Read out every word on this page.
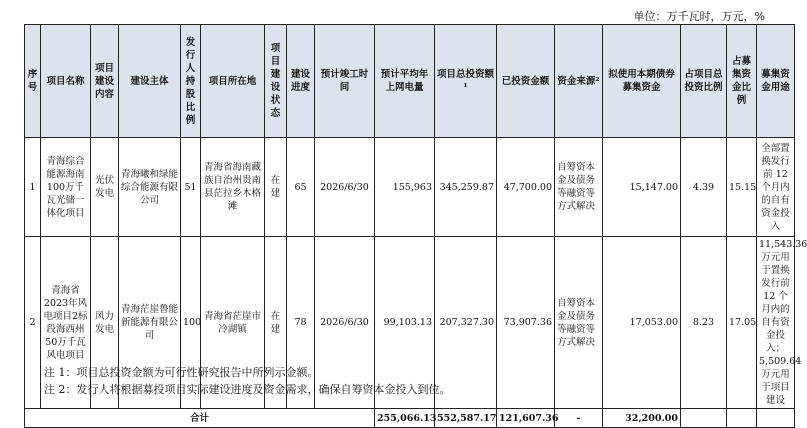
单位：万千瓦时，万元，%
序号	项目名称	项目建设内容	建设主体	发行人持股比例	项目所在地	项目建设状态	建设进度	预计竣工时间	预计平均年上网电量	项目总投资额¹	已投资金额	资金来源²	拟使用本期债券募集资金	占项目总投资比例	占募集资金比例	募集资金用途
1	青海综合能源海南100万千瓦光储一体化项目	光伏发电	青海曦和绿能综合能源有限公司	51	青海省海南藏族自治州贵南县茫拉乡木格滩	在建	65	2026/6/30	155,963	345,259.87	47,700.00	自筹资本金及债务等融资等方式解决	15,147.00	4.39	15.15	全部置换发行前 12 个月内的自有资金投入
2	青海省2023年风电项目2标段海西州50万千瓦风电项目	风力发电	青海茫崖鲁能新能源有限公司	100	青海省茫崖市冷湖镇	在建	78	2026/6/30	99,103.13	207,327.30	73,907.36	自筹资本金及债务等融资等方式解决	17,053.00	8.23	17.05	11,543.36 万元用于置换发行前 12 个月内的自有资金投入；5,509.64 万元用于项目建设
合计									255,066.13	552,587.17	121,607.36	-	32,200.00			
注 1：项目总投资金额为可行性研究报告中所列示金额。
注 2：发行人将根据募投项目实际建设进度及资金需求，确保自筹资本金投入到位。
